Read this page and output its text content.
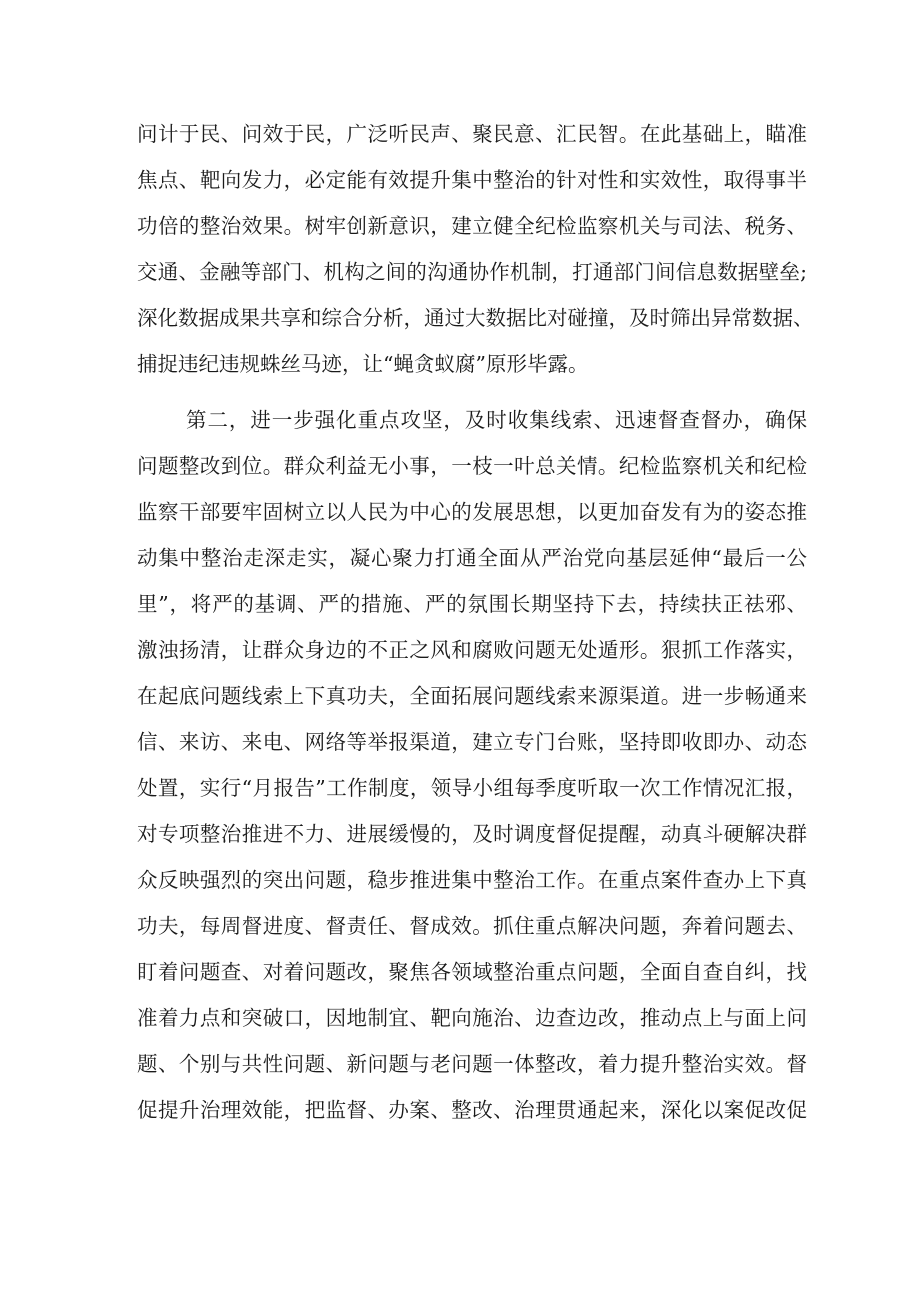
问计于民、问效于民，广泛听民声、聚民意、汇民智。在此基础上，瞄准
焦点、靶向发力，必定能有效提升集中整治的针对性和实效性，取得事半
功倍的整治效果。树牢创新意识，建立健全纪检监察机关与司法、税务、
交通、金融等部门、机构之间的沟通协作机制，打通部门间信息数据壁垒;
深化数据成果共享和综合分析，通过大数据比对碰撞，及时筛出异常数据、
捕捉违纪违规蛛丝马迹，让“蝇贪蚁腐”原形毕露。
第二，进一步强化重点攻坚，及时收集线索、迅速督查督办，确保
问题整改到位。群众利益无小事，一枝一叶总关情。纪检监察机关和纪检
监察干部要牢固树立以人民为中心的发展思想，以更加奋发有为的姿态推
动集中整治走深走实，凝心聚力打通全面从严治党向基层延伸“最后一公
里”，将严的基调、严的措施、严的氛围长期坚持下去，持续扶正祛邪、
激浊扬清，让群众身边的不正之风和腐败问题无处遁形。狠抓工作落实，
在起底问题线索上下真功夫，全面拓展问题线索来源渠道。进一步畅通来
信、来访、来电、网络等举报渠道，建立专门台账，坚持即收即办、动态
处置，实行“月报告”工作制度，领导小组每季度听取一次工作情况汇报，
对专项整治推进不力、进展缓慢的，及时调度督促提醒，动真斗硬解决群
众反映强烈的突出问题，稳步推进集中整治工作。在重点案件查办上下真
功夫，每周督进度、督责任、督成效。抓住重点解决问题，奔着问题去、
盯着问题查、对着问题改，聚焦各领域整治重点问题，全面自查自纠，找
准着力点和突破口，因地制宜、靶向施治、边查边改，推动点上与面上问
题、个别与共性问题、新问题与老问题一体整改，着力提升整治实效。督
促提升治理效能，把监督、办案、整改、治理贯通起来，深化以案促改促
